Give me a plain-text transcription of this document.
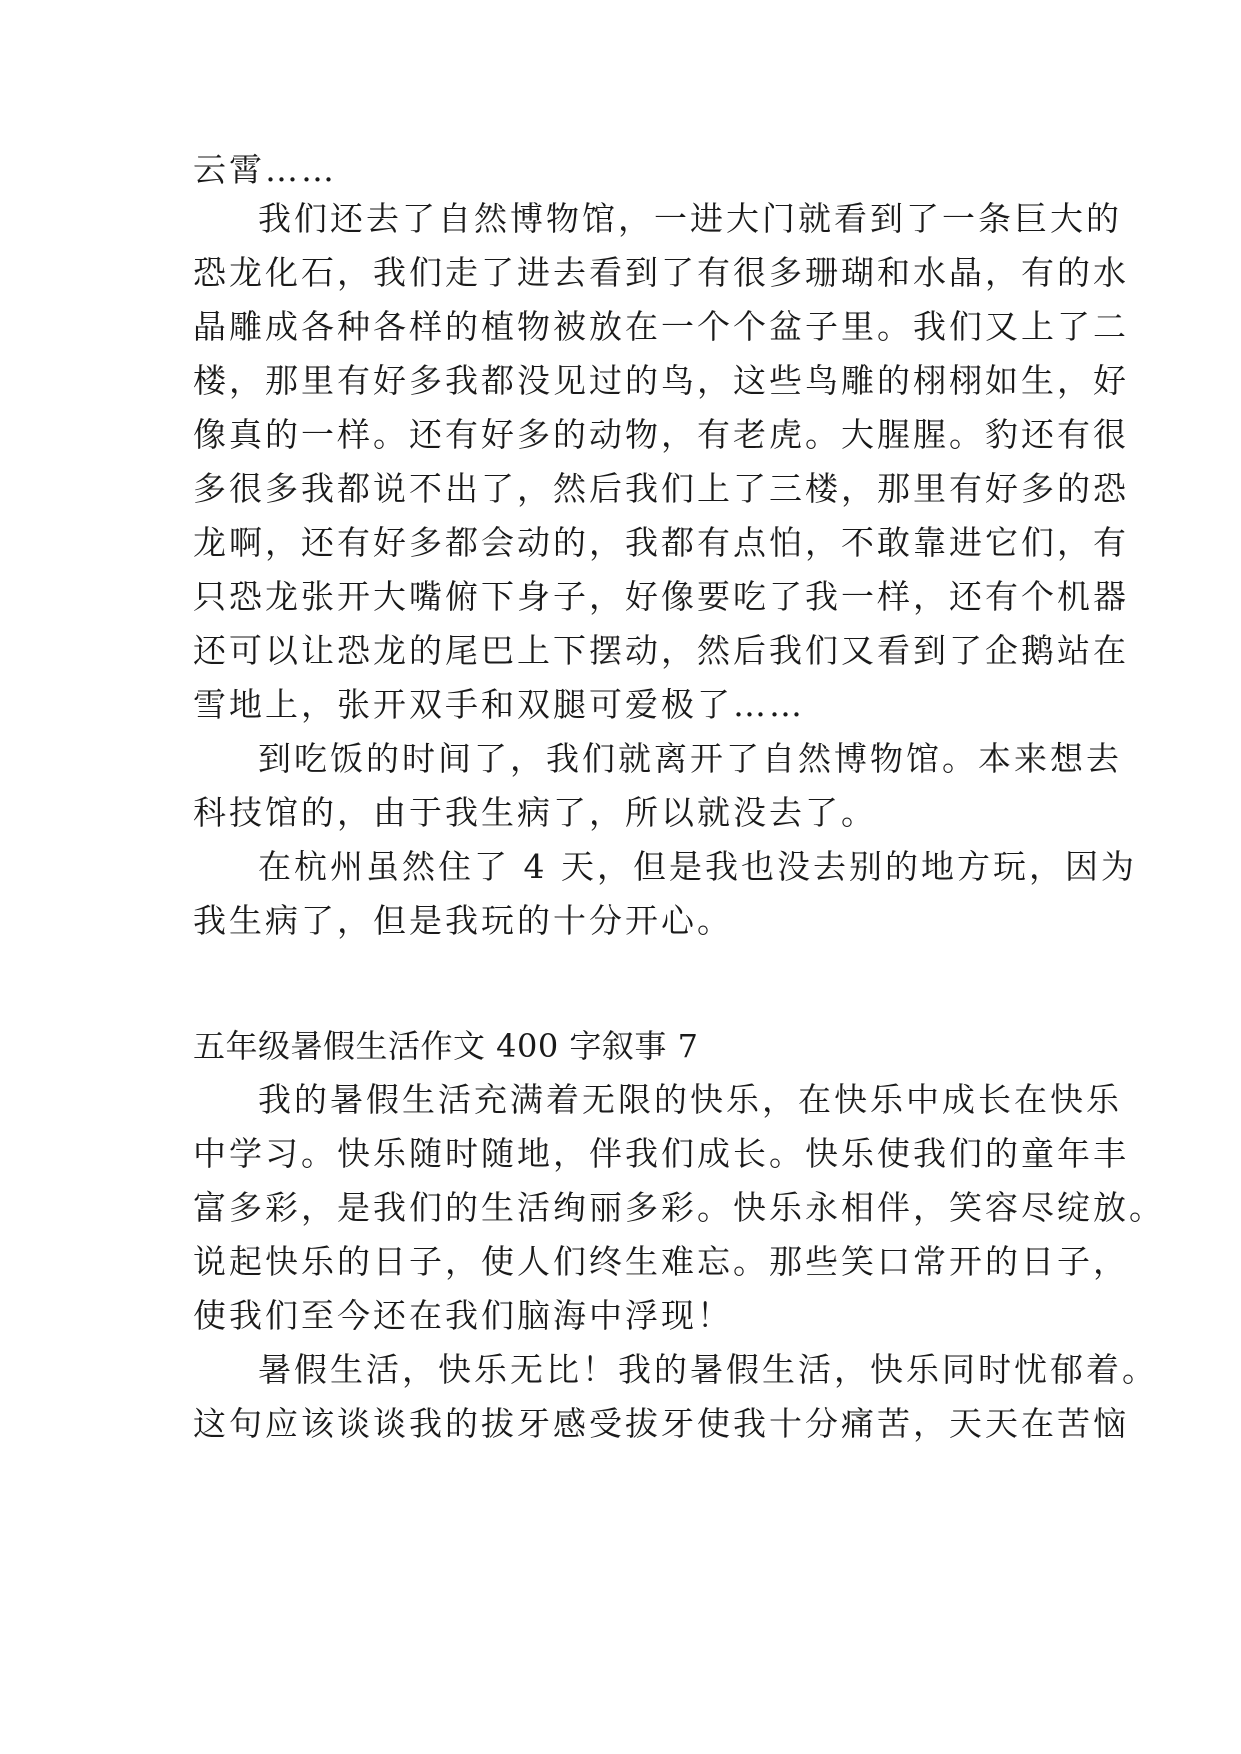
云霄……
我们还去了自然博物馆，一进大门就看到了一条巨大的
恐龙化石，我们走了进去看到了有很多珊瑚和水晶，有的水
晶雕成各种各样的植物被放在一个个盆子里。我们又上了二
楼，那里有好多我都没见过的鸟，这些鸟雕的栩栩如生，好
像真的一样。还有好多的动物，有老虎。大腥腥。豹还有很
多很多我都说不出了，然后我们上了三楼，那里有好多的恐
龙啊，还有好多都会动的，我都有点怕，不敢靠进它们，有
只恐龙张开大嘴俯下身子，好像要吃了我一样，还有个机器
还可以让恐龙的尾巴上下摆动，然后我们又看到了企鹅站在
雪地上，张开双手和双腿可爱极了……
到吃饭的时间了，我们就离开了自然博物馆。本来想去
科技馆的，由于我生病了，所以就没去了。
在杭州虽然住了 4 天，但是我也没去别的地方玩，因为
我生病了，但是我玩的十分开心。
五年级暑假生活作文 400 字叙事 7
我的暑假生活充满着无限的快乐，在快乐中成长在快乐
中学习。快乐随时随地，伴我们成长。快乐使我们的童年丰
富多彩，是我们的生活绚丽多彩。快乐永相伴，笑容尽绽放。
说起快乐的日子，使人们终生难忘。那些笑口常开的日子，
使我们至今还在我们脑海中浮现！
暑假生活，快乐无比！我的暑假生活，快乐同时忧郁着。
这句应该谈谈我的拔牙感受拔牙使我十分痛苦，天天在苦恼
